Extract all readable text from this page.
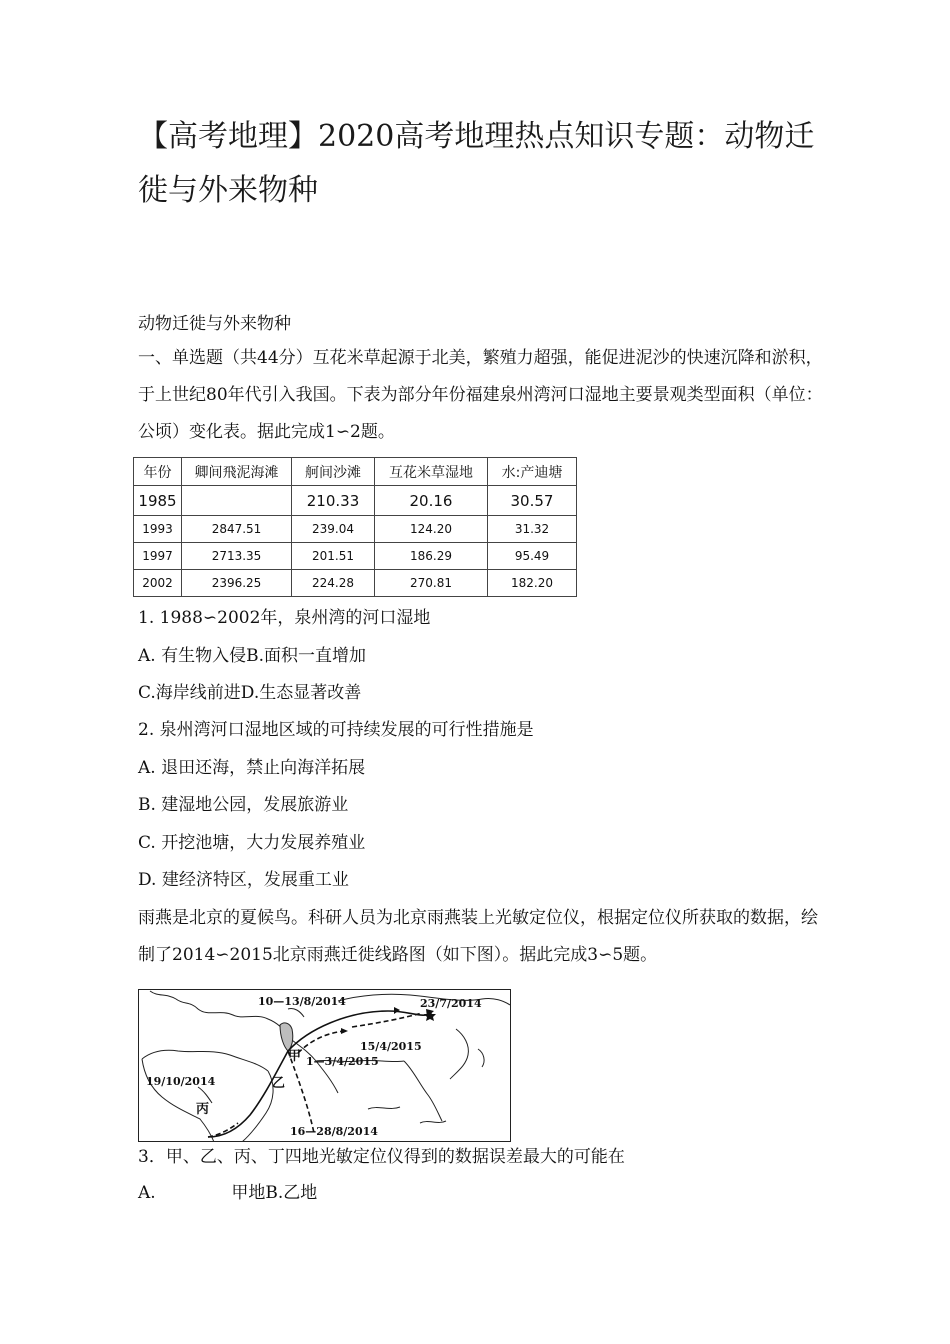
【高考地理】2020高考地理热点知识专题：动物迁徙与外来物种
动物迁徙与外来物种
一、单选题（共44分）互花米草起源于北美，繁殖力超强，能促进泥沙的快速沉降和淤积，于上世纪80年代引入我国。下表为部分年份福建泉州湾河口湿地主要景观类型面积（单位：公顷）变化表。据此完成1∽2题。
年份	卿间飛泥海滩	舸间沙滩	互花米草湿地	水:产迪塘
1985		210.33	20.16	30.57
1993	2847.51	239.04	124.20	31.32
1997	2713.35	201.51	186.29	95.49
2002	2396.25	224.28	270.81	182.20
1. 1988∽2002年，泉州湾的河口湿地
A. 有生物入侵B.面积一直增加
C.海岸线前进D.生态显著改善
2. 泉州湾河口湿地区域的可持续发展的可行性措施是
A. 退田还海，禁止向海洋拓展
B. 建湿地公园，发展旅游业
C. 开挖池塘，大力发展养殖业
D. 建经济特区，发展重工业
雨燕是北京的夏候鸟。科研人员为北京雨燕装上光敏定位仪，根据定位仪所获取的数据，绘制了2014∽2015北京雨燕迁徙线路图（如下图）。据此完成3∽5题。
10—13/8/2014	23/7/2014
15/4/2015
1—3/4/2015
19/10/2014
16—28/8/2014
甲
乙
丙
3．甲、乙、丙、丁四地光敏定位仪得到的数据误差最大的可能在
A.              甲地B.乙地
